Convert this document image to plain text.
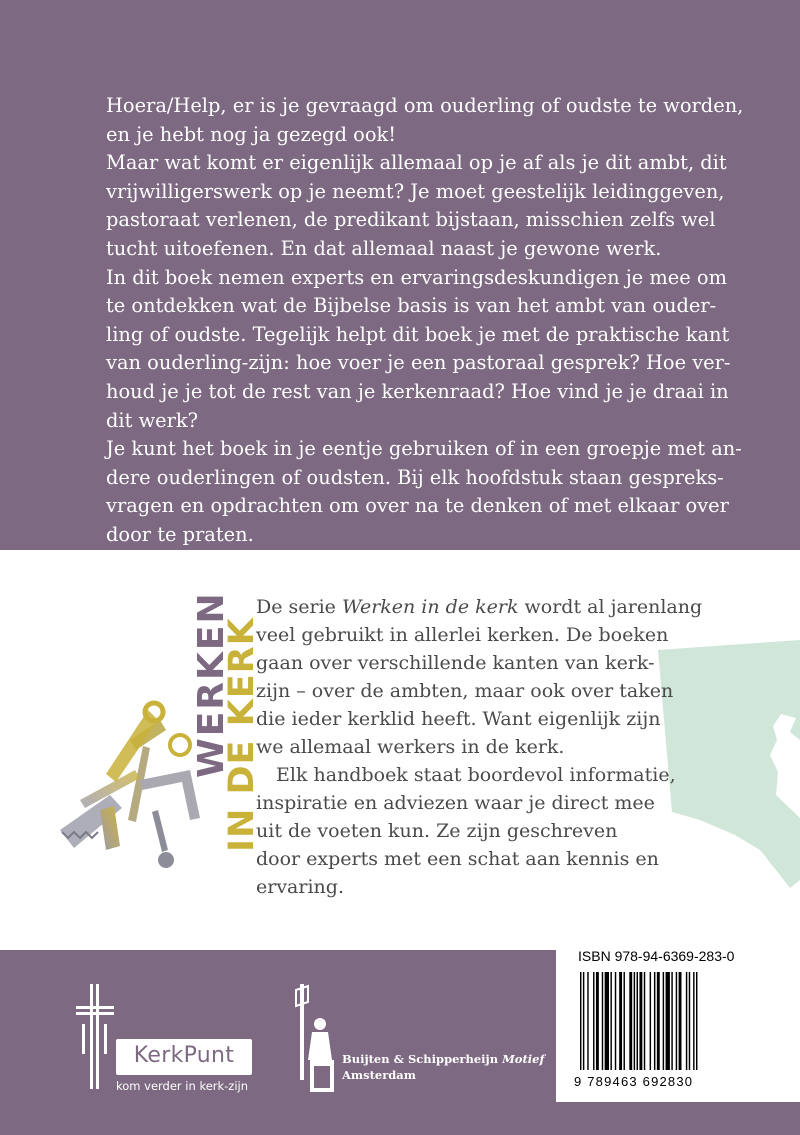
Hoera/Help, er is je gevraagd om ouderling of oudste te worden,

en je hebt nog ja gezegd ook!

Maar wat komt er eigenlijk allemaal op je af als je dit ambt, dit

vrijwilligerswerk op je neemt? Je moet geestelijk leidinggeven,

pastoraat verlenen, de predikant bijstaan, misschien zelfs wel

tucht uitoefenen. En dat allemaal naast je gewone werk.

In dit boek nemen experts en ervaringsdeskundigen je mee om

te ontdekken wat de Bijbelse basis is van het ambt van ouder-

ling of oudste. Tegelijk helpt dit boek je met de praktische kant

van ouderling-zijn: hoe voer je een pastoraal gesprek? Hoe ver-

houd je je tot de rest van je kerkenraad? Hoe vind je je draai in

dit werk?

Je kunt het boek in je eentje gebruiken of in een groepje met an-

dere ouderlingen of oudsten. Bij elk hoofdstuk staan gespreks-

vragen en opdrachten om over na te denken of met elkaar over

door te praten.

WERKEN
IN DE KERK

De serie Werken in de kerk wordt al jarenlang

veel gebruikt in allerlei kerken. De boeken

gaan over verschillende kanten van kerk-

zijn – over de ambten, maar ook over taken

die ieder kerklid heeft. Want eigenlijk zijn

we allemaal werkers in de kerk.

Elk handboek staat boordevol informatie,

inspiratie en adviezen waar je direct mee

uit de voeten kun. Ze zijn geschreven

door experts met een schat aan kennis en

ervaring.

KerkPunt
kom verder in kerk-zijn
Buijten & Schipperheijn Motief
Amsterdam
ISBN 978-94-6369-283-0
9 789463 692830
